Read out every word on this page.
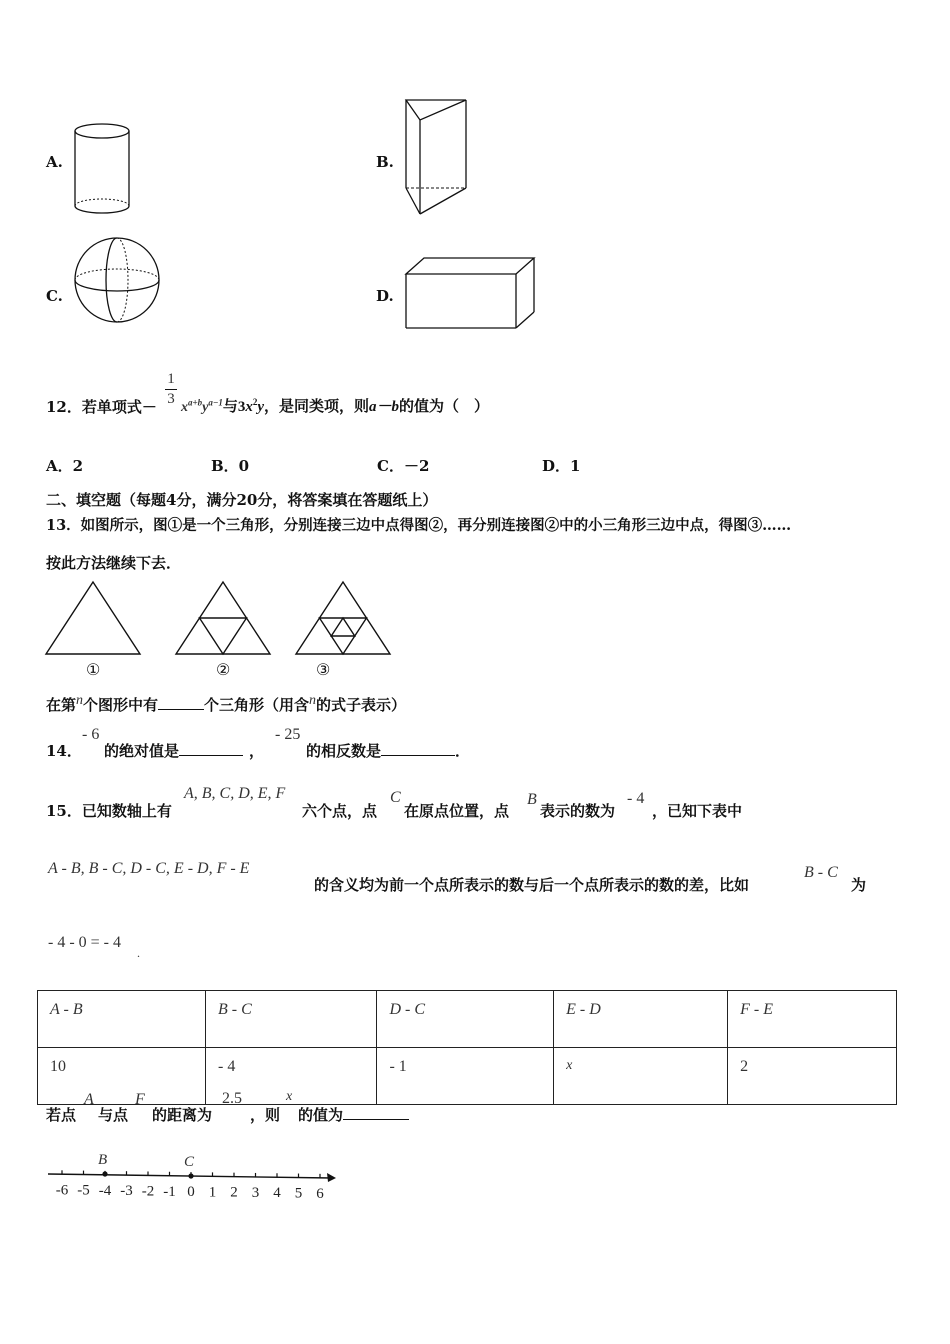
A.	B.
C.	D.
12．若单项式－
1
3
$x^{a+b}y^{a-1}$与$3x^2y$，是同类项，则a－b的值为（　）
A．2	B．0	C．－2	D．1
二、填空题（每题4分，满分20分，将答案填在答题纸上）
13．如图所示，图①是一个三角形，分别连接三边中点得图②，再分别连接图②中的小三角形三边中点，得图③……
按此方法继续下去．
①	②	③
在第$^n$个图形中有	个三角形（用含$^n$的式子表示）
14．
- 6
的绝对值是	，
- 25
的相反数是	．
15．已知数轴上有
A, B, C, D, E, F
六个点，点
C
在原点位置，点
B
表示的数为
- 4
，已知下表中
A - B, B - C, D - C, E - D, F - E
的含义均为前一个点所表示的数与后一个点所表示的数的差，比如
B - C
为
- 4 - 0 = - 4
.
A - B	B - C	D - C	E - D	F - E
10	- 4	- 1	x	2
若点
A
与点
F
的距离为
2.5
，则
x
的值为
-6 -5 -4 -3 -2 -1 0 1 2 3 4 5 6
B	C
